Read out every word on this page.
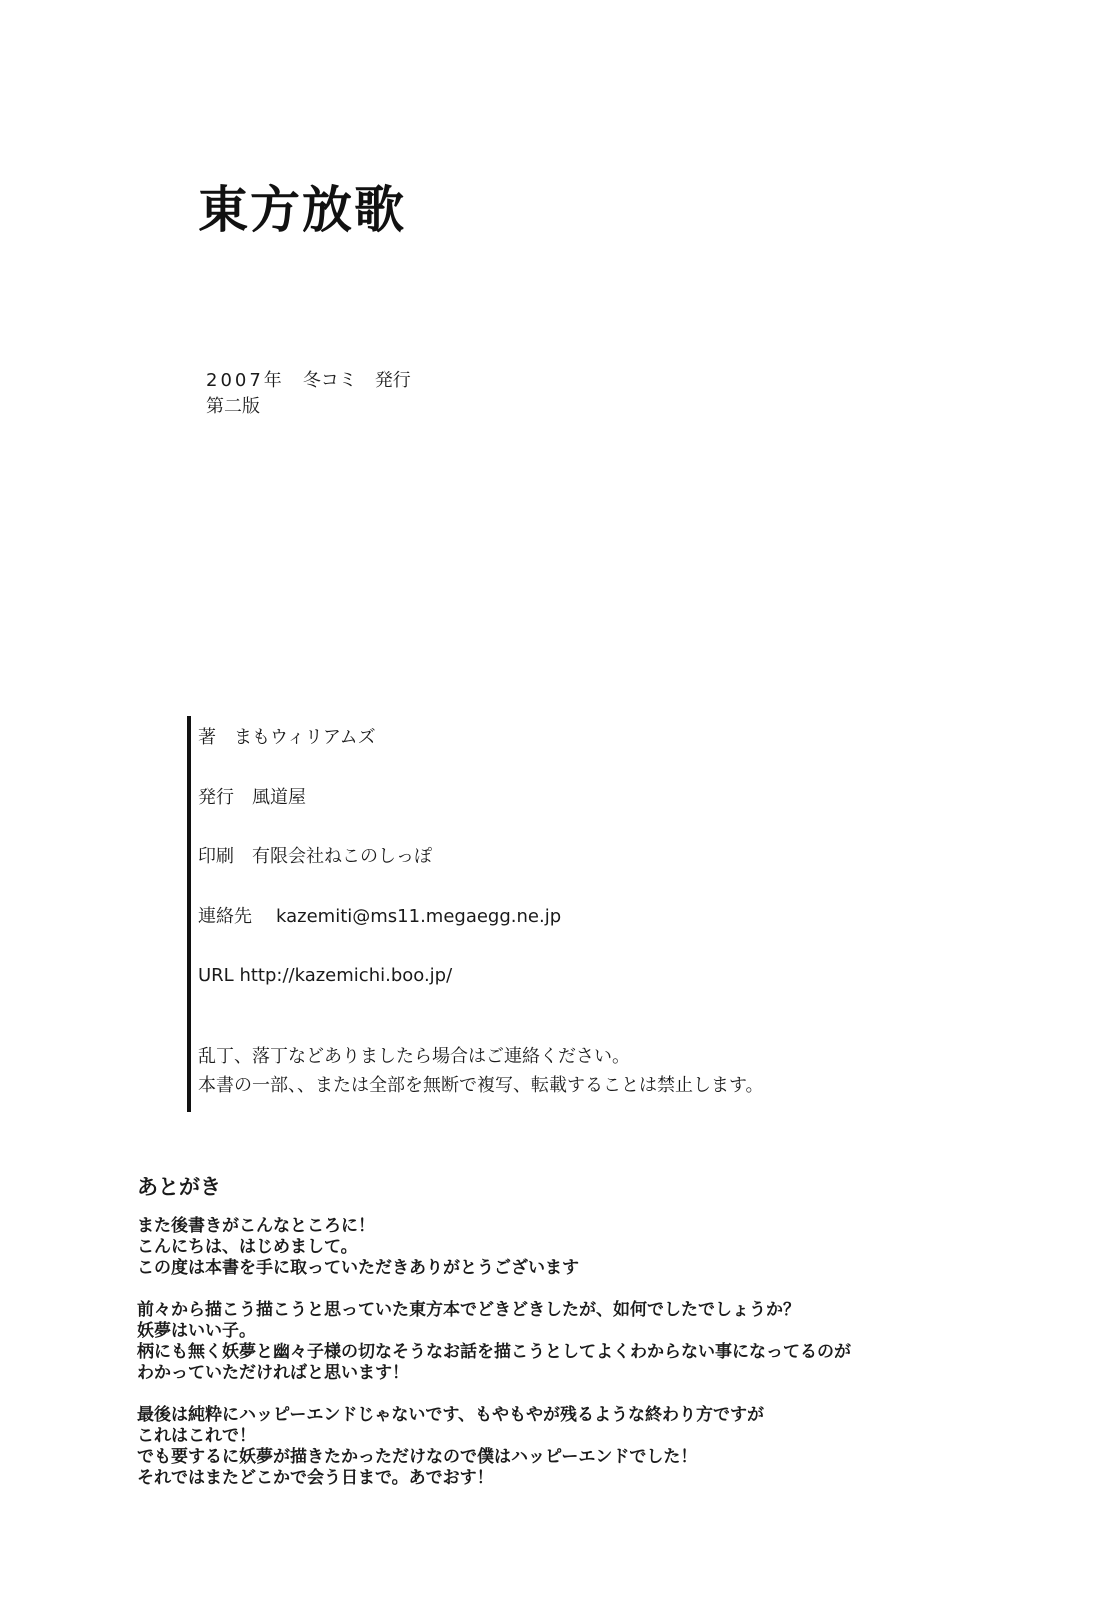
東方放歌
2007年　 冬コミ　 発行
第二版
著 まもウィリアムズ
発行 風道屋
印刷 有限会社ねこのしっぽ
連絡先 kazemiti@ms11.megaegg.ne.jp
URL http://kazemichi.boo.jp/
乱丁、落丁などありましたら場合はご連絡ください。
本書の一部、、または全部を無断で複写、転載することは禁止します。
あとがき
また後書きがこんなところに！
こんにちは、はじめまして。
この度は本書を手に取っていただきありがとうございます
前々から描こう描こうと思っていた東方本でどきどきしたが、如何でしたでしょうか？
妖夢はいい子。
柄にも無く妖夢と幽々子様の切なそうなお話を描こうとしてよくわからない事になってるのが
わかっていただければと思います！
最後は純粋にハッピーエンドじゃないです、もやもやが残るような終わり方ですが
これはこれで！
でも要するに妖夢が描きたかっただけなので僕はハッピーエンドでした！
それではまたどこかで会う日まで。あでおす！
